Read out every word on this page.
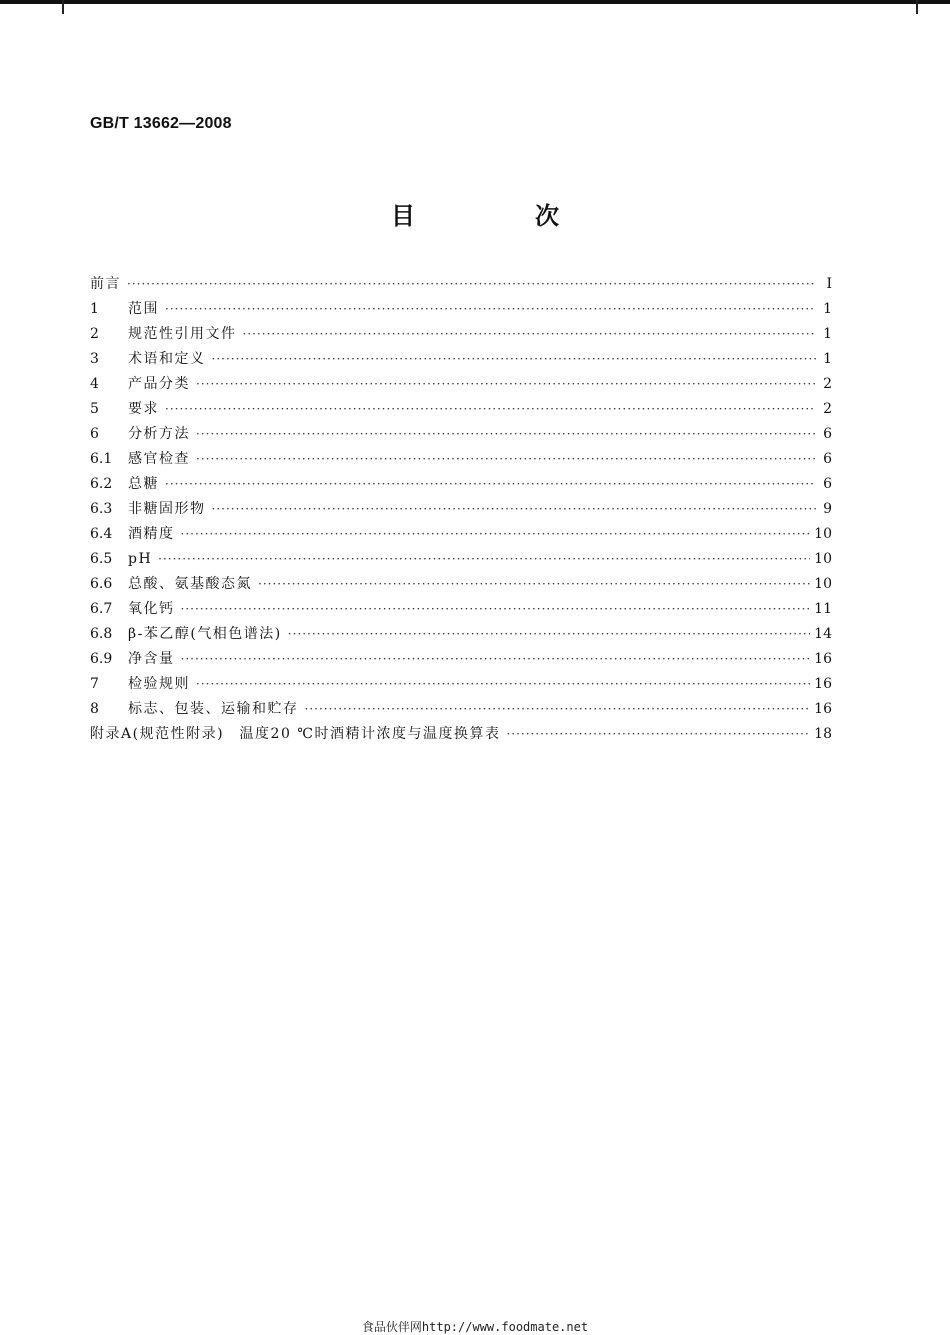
GB/T 13662—2008
目　次
前言 ·····	Ⅰ
1	范围 ·····	1
2	规范性引用文件 ·····	1
3	术语和定义 ·····	1
4	产品分类 ·····	2
5	要求 ·····	2
6	分析方法 ·····	6
6.1	感官检查 ·····	6
6.2	总糖 ·····	6
6.3	非糖固形物 ·····	9
6.4	酒精度 ·····	10
6.5	pH ·····	10
6.6	总酸、氨基酸态氮 ·····	10
6.7	氧化钙 ·····	11
6.8	β-苯乙醇(气相色谱法) ·····	14
6.9	净含量 ·····	16
7	检验规则 ·····	16
8	标志、包装、运输和贮存 ·····	16
附录A(规范性附录)　温度20 ℃时酒精计浓度与温度换算表 ·····	18
食品伙伴网http://www.foodmate.net
